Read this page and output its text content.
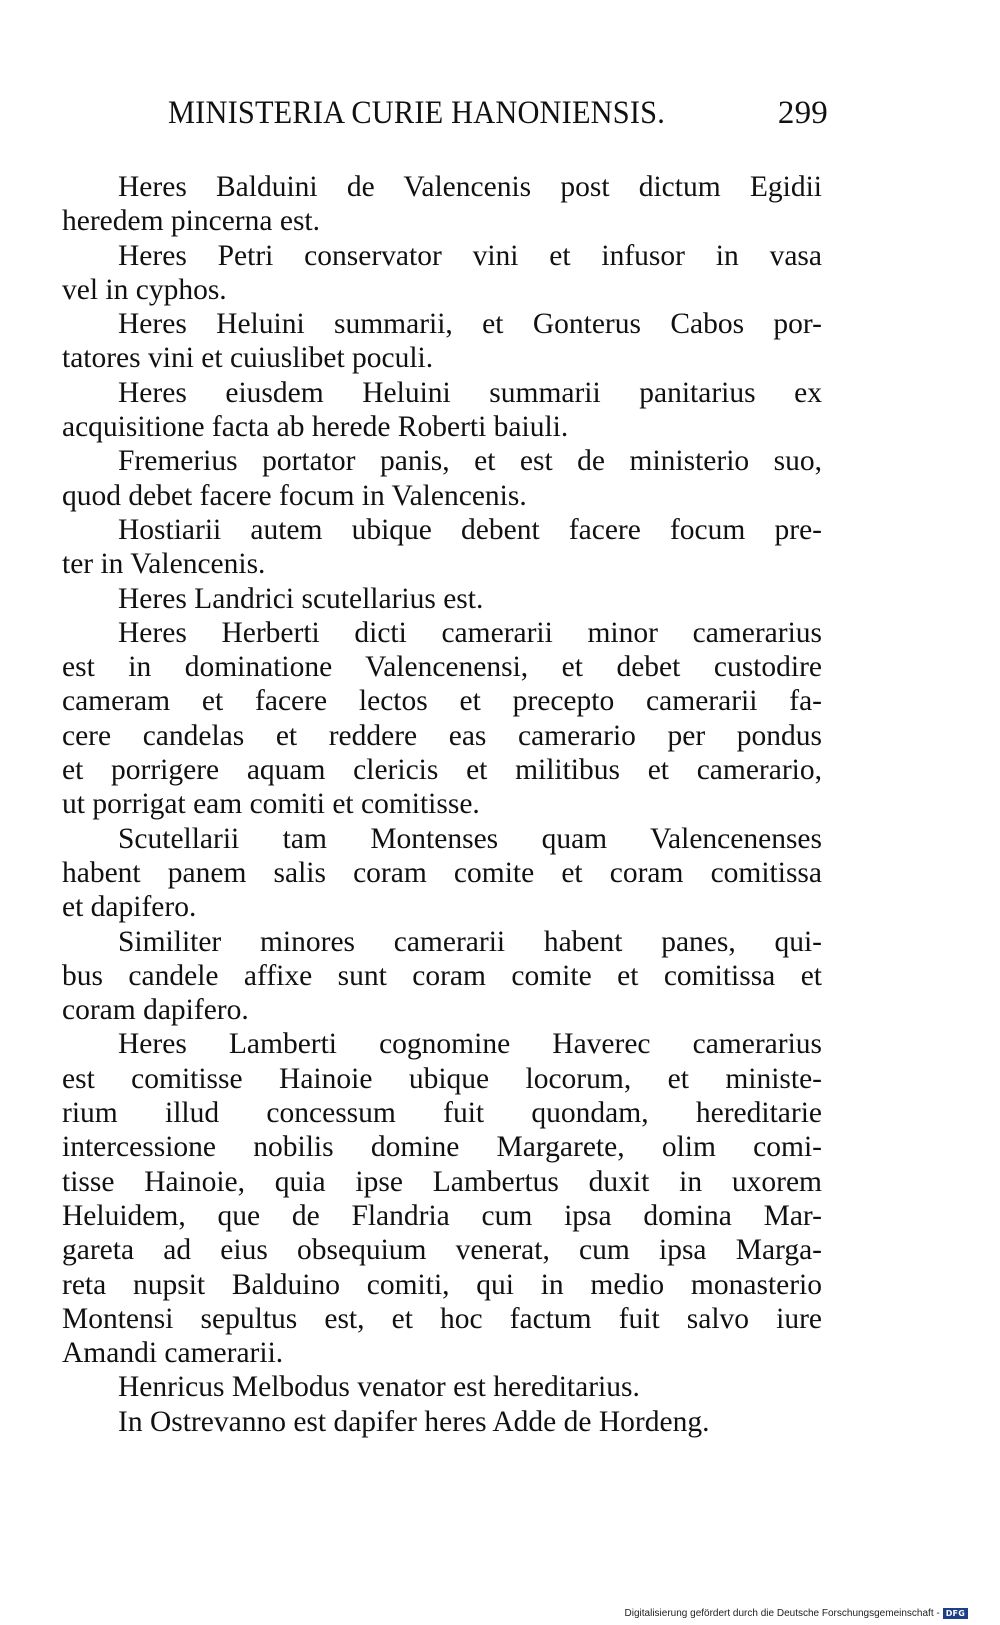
MINISTERIA CURIE HANONIENSIS.	299
Heres Balduini de Valencenis post dictum Egidii
heredem pincerna est.
Heres Petri conservator vini et infusor in vasa
vel in cyphos.
Heres Heluini summarii, et Gonterus Cabos por-
tatores vini et cuiuslibet poculi.
Heres eiusdem Heluini summarii panitarius ex
acquisitione facta ab herede Roberti baiuli.
Fremerius portator panis, et est de ministerio suo,
quod debet facere focum in Valencenis.
Hostiarii autem ubique debent facere focum pre-
ter in Valencenis.
Heres Landrici scutellarius est.
Heres Herberti dicti camerarii minor camerarius
est in dominatione Valencenensi, et debet custodire
cameram et facere lectos et precepto camerarii fa-
cere candelas et reddere eas camerario per pondus
et porrigere aquam clericis et militibus et camerario,
ut porrigat eam comiti et comitisse.
Scutellarii tam Montenses quam Valencenenses
habent panem salis coram comite et coram comitissa
et dapifero.
Similiter minores camerarii habent panes, qui-
bus candele affixe sunt coram comite et comitissa et
coram dapifero.
Heres Lamberti cognomine Haverec camerarius
est comitisse Hainoie ubique locorum, et ministe-
rium illud concessum fuit quondam, hereditarie
intercessione nobilis domine Margarete, olim comi-
tisse Hainoie, quia ipse Lambertus duxit in uxorem
Heluidem, que de Flandria cum ipsa domina Mar-
gareta ad eius obsequium venerat, cum ipsa Marga-
reta nupsit Balduino comiti, qui in medio monasterio
Montensi sepultus est, et hoc factum fuit salvo iure
Amandi camerarii.
Henricus Melbodus venator est hereditarius.
In Ostrevanno est dapifer heres Adde de Hordeng.
Digitalisierung gefördert durch die Deutsche Forschungsgemeinschaft - DFG
